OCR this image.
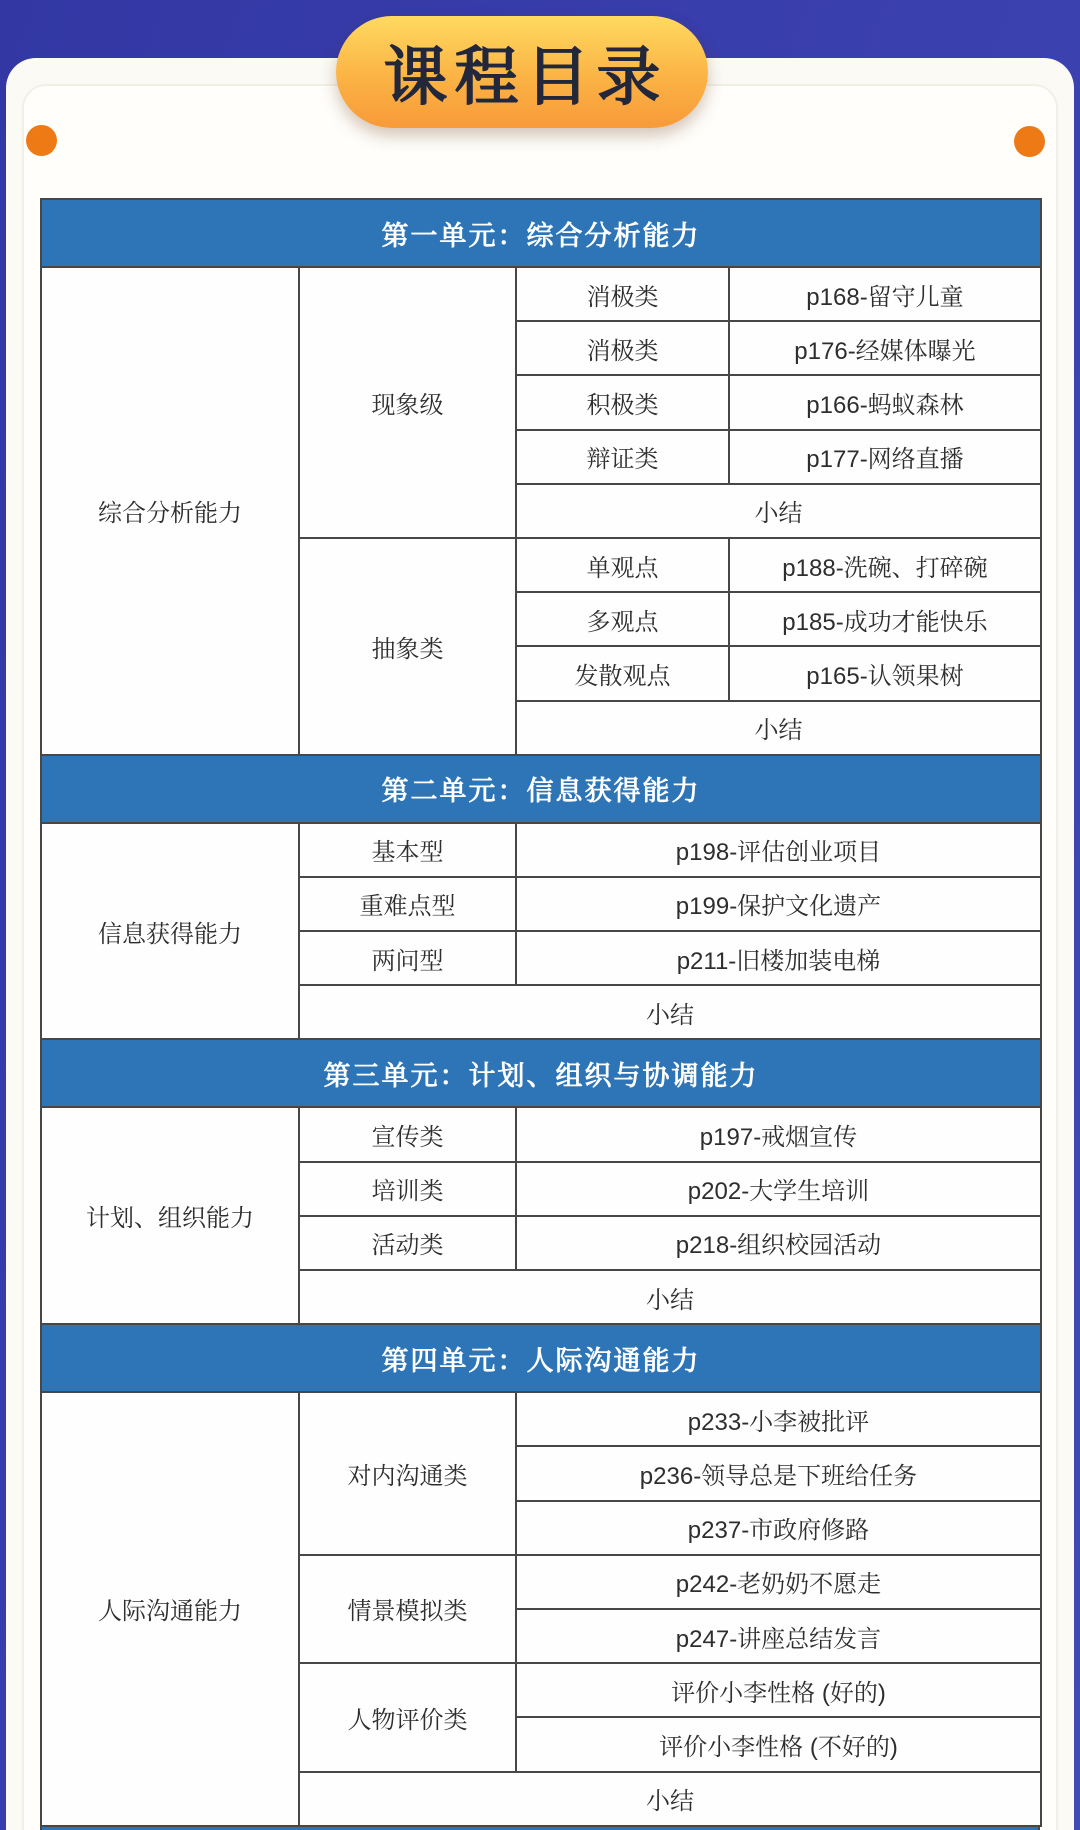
第一单元：综合分析能力			
综合分析能力	现象级	消极类	p168-留守儿童
		消极类	p176-经媒体曝光
		积极类	p166-蚂蚁森林
		辩证类	p177-网络直播
		小结	
	抽象类	单观点	p188-洗碗、打碎碗
		多观点	p185-成功才能快乐
		发散观点	p165-认领果树
		小结	
第二单元：信息获得能力			
信息获得能力	基本型	p198-评估创业项目	
	重难点型	p199-保护文化遗产	
	两问型	p211-旧楼加装电梯	
	小结		
第三单元：计划、组织与协调能力			
计划、组织能力	宣传类	p197-戒烟宣传	
	培训类	p202-大学生培训	
	活动类	p218-组织校园活动	
	小结		
第四单元：人际沟通能力			
人际沟通能力	对内沟通类	p233-小李被批评	
		p236-领导总是下班给任务	
		p237-市政府修路	
	情景模拟类	p242-老奶奶不愿走	
		p247-讲座总结发言	
	人物评价类	评价小李性格 (好的)	
		评价小李性格 (不好的)	
	小结		
课程目录
